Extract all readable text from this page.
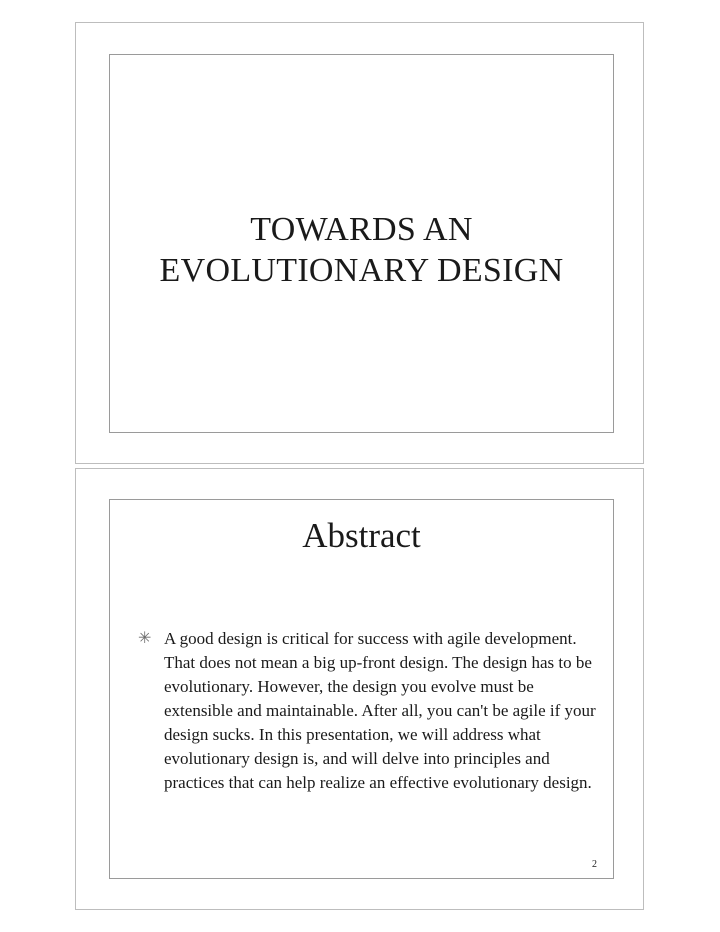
TOWARDS AN
EVOLUTIONARY DESIGN
Abstract
✳ A good design is critical for success with agile development. That does not mean a big up-front design. The design has to be evolutionary. However, the design you evolve must be extensible and maintainable. After all, you can't be agile if your design sucks. In this presentation, we will address what evolutionary design is, and will delve into principles and practices that can help realize an effective evolutionary design.
2
